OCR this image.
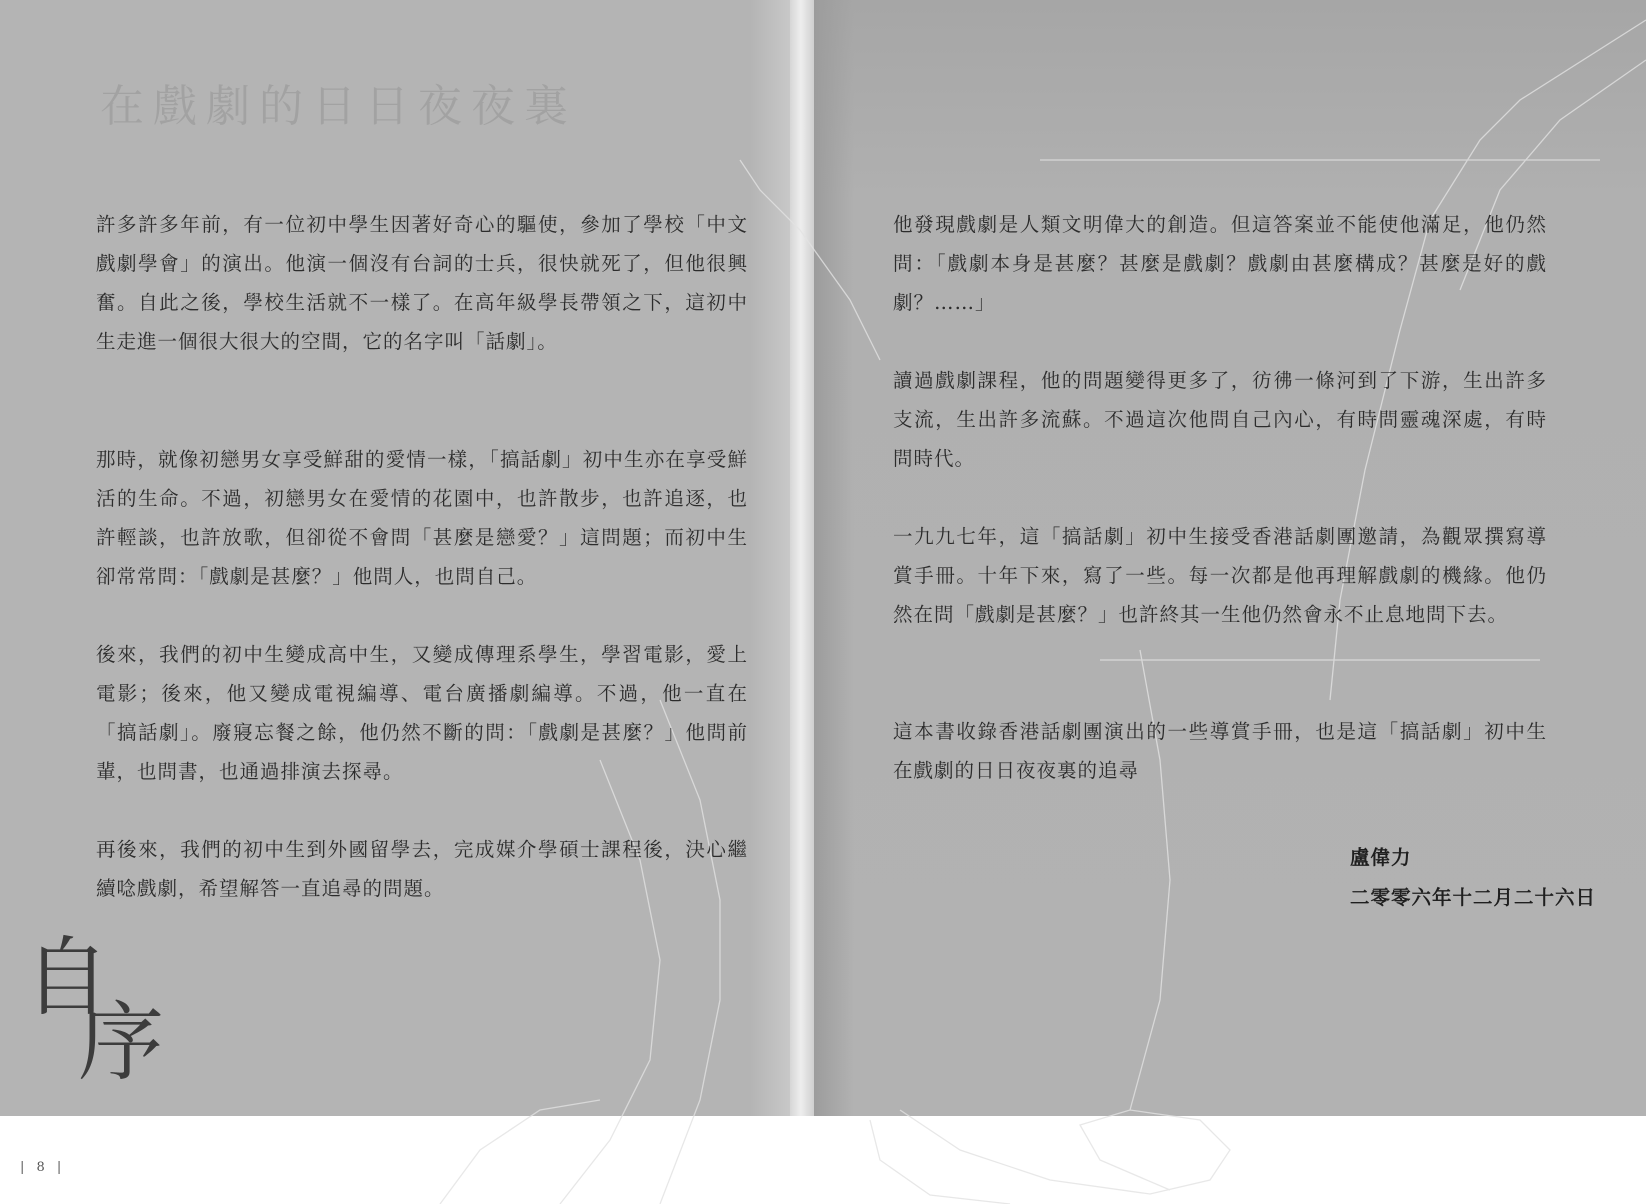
在戲劇的日日夜夜裏

許多許多年前，有一位初中學生因著好奇心的驅使，參加了學校「中文戲劇學會」的演出。他演一個沒有台詞的士兵，很快就死了，但他很興奮。自此之後，學校生活就不一樣了。在高年級學長帶領之下，這初中生走進一個很大很大的空間，它的名字叫「話劇」。

那時，就像初戀男女享受鮮甜的愛情一樣，「搞話劇」初中生亦在享受鮮活的生命。不過，初戀男女在愛情的花園中，也許散步，也許追逐，也許輕談，也許放歌，但卻從不會問「甚麼是戀愛？」這問題；而初中生卻常常問：「戲劇是甚麼？」他問人，也問自己。

後來，我們的初中生變成高中生，又變成傳理系學生，學習電影，愛上電影；後來，他又變成電視編導、電台廣播劇編導。不過，他一直在「搞話劇」。廢寢忘餐之餘，他仍然不斷的問：「戲劇是甚麼？」他問前輩，也問書，也通過排演去探尋。

再後來，我們的初中生到外國留學去，完成媒介學碩士課程後，決心繼續唸戲劇，希望解答一直追尋的問題。

他發現戲劇是人類文明偉大的創造。但這答案並不能使他滿足，他仍然問：「戲劇本身是甚麼？甚麼是戲劇？戲劇由甚麼構成？甚麼是好的戲劇？……」

讀過戲劇課程，他的問題變得更多了，彷彿一條河到了下游，生出許多支流，生出許多流蘇。不過這次他問自己內心，有時問靈魂深處，有時問時代。

一九九七年，這「搞話劇」初中生接受香港話劇團邀請，為觀眾撰寫導賞手冊。十年下來，寫了一些。每一次都是他再理解戲劇的機緣。他仍然在問「戲劇是甚麼？」也許終其一生他仍然會永不止息地問下去。

這本書收錄香港話劇團演出的一些導賞手冊，也是這「搞話劇」初中生在戲劇的日日夜夜裏的追尋

盧偉力
二零零六年十二月二十六日
自
序
| 8 |
